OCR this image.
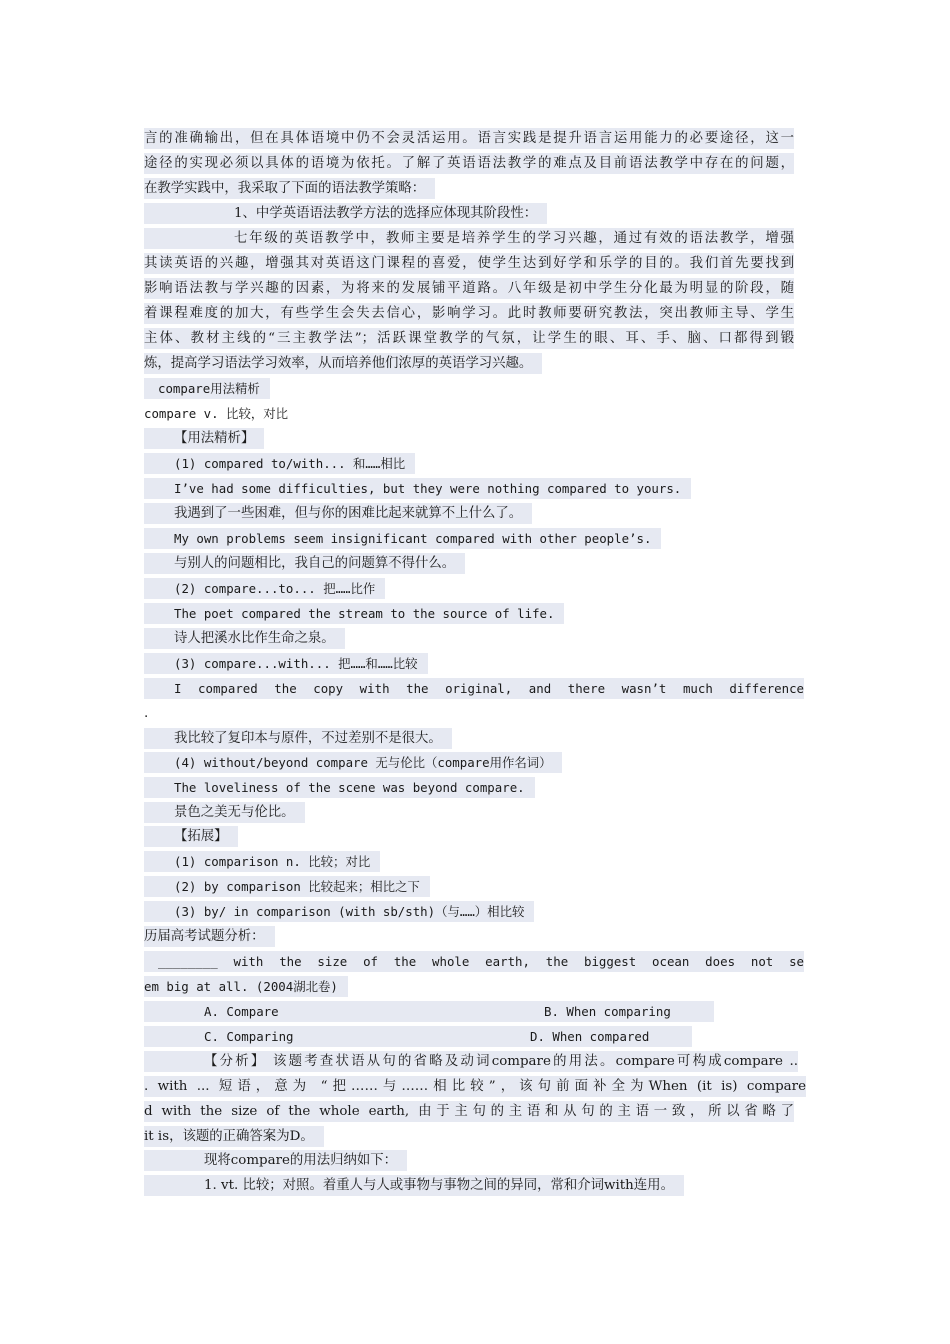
言的准确输出，但在具体语境中仍不会灵活运用。语言实践是提升语言运用能力的必要途径，这一
途径的实现必须以具体的语境为依托。了解了英语语法教学的难点及目前语法教学中存在的问题，
在教学实践中，我采取了下面的语法教学策略：
1、中学英语语法教学方法的选择应体现其阶段性：
七年级的英语教学中，教师主要是培养学生的学习兴趣，通过有效的语法教学，增强
其读英语的兴趣，增强其对英语这门课程的喜爱，使学生达到好学和乐学的目的。我们首先要找到
影响语法教与学兴趣的因素，为将来的发展铺平道路。八年级是初中学生分化最为明显的阶段，随
着课程难度的加大，有些学生会失去信心，影响学习。此时教师要研究教法，突出教师主导、学生
主体、教材主线的“三主教学法”；活跃课堂教学的气氛，让学生的眼、耳、手、脑、口都得到锻
炼，提高学习语法学习效率，从而培养他们浓厚的英语学习兴趣。
compare用法精析
compare v. 比较，对比
【用法精析】
(1) compared to/with... 和……相比
I’ve had some difficulties, but they were nothing compared to yours.
我遇到了一些困难，但与你的困难比起来就算不上什么了。
My own problems seem insignificant compared with other people’s.
与别人的问题相比，我自己的问题算不得什么。
(2) compare...to... 把……比作
The poet compared the stream to the source of life.
诗人把溪水比作生命之泉。
(3) compare...with... 把……和……比较
I compared the copy with the original, and there wasn’t much difference
.
我比较了复印本与原件，不过差别不是很大。
(4) without/beyond compare 无与伦比（compare用作名词）
The loveliness of the scene was beyond compare.
景色之美无与伦比。
【拓展】
(1) comparison n. 比较；对比
(2) by comparison 比较起来；相比之下
(3) by/ in comparison (with sb/sth)（与……）相比较
历届高考试题分析：
________ with the size of the whole earth, the biggest ocean does not se
em big at all. (2004湖北卷)
A. Compare	B. When comparing
C. Comparing	D. When compared
【分析】 该题考查状语从句的省略及动词compare的用法。compare可构成compare ..
. with ... 短语，意为 “把……与……相比较”，该句前面补全为When (it is) compare
d with the size of the whole earth, 由于主句的主语和从句的主语一致，所以省略了
it is，该题的正确答案为D。
现将compare的用法归纳如下：
1. vt. 比较；对照。着重人与人或事物与事物之间的异同，常和介词with连用。
